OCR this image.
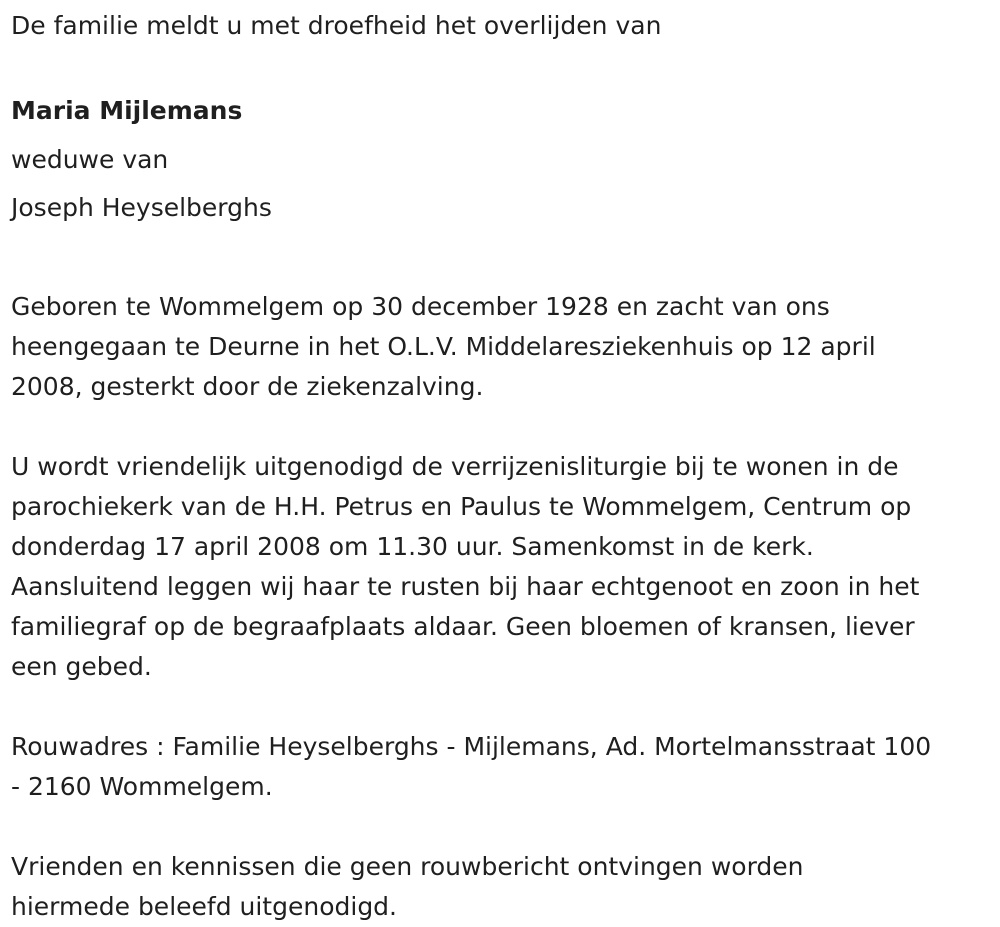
De familie meldt u met droefheid het overlijden van

Maria Mijlemans

weduwe van

Joseph Heyselberghs

Geboren te Wommelgem op 30 december 1928 en zacht van ons
heengegaan te Deurne in het O.L.V. Middelaresziekenhuis op 12 april
2008, gesterkt door de ziekenzalving.
U wordt vriendelijk uitgenodigd de verrijzenisliturgie bij te wonen in de
parochiekerk van de H.H. Petrus en Paulus te Wommelgem, Centrum op
donderdag 17 april 2008 om 11.30 uur. Samenkomst in de kerk.
Aansluitend leggen wij haar te rusten bij haar echtgenoot en zoon in het
familiegraf op de begraafplaats aldaar. Geen bloemen of kransen, liever
een gebed.
Rouwadres : Familie Heyselberghs - Mijlemans, Ad. Mortelmansstraat 100
- 2160 Wommelgem.
Vrienden en kennissen die geen rouwbericht ontvingen worden
hiermede beleefd uitgenodigd.
